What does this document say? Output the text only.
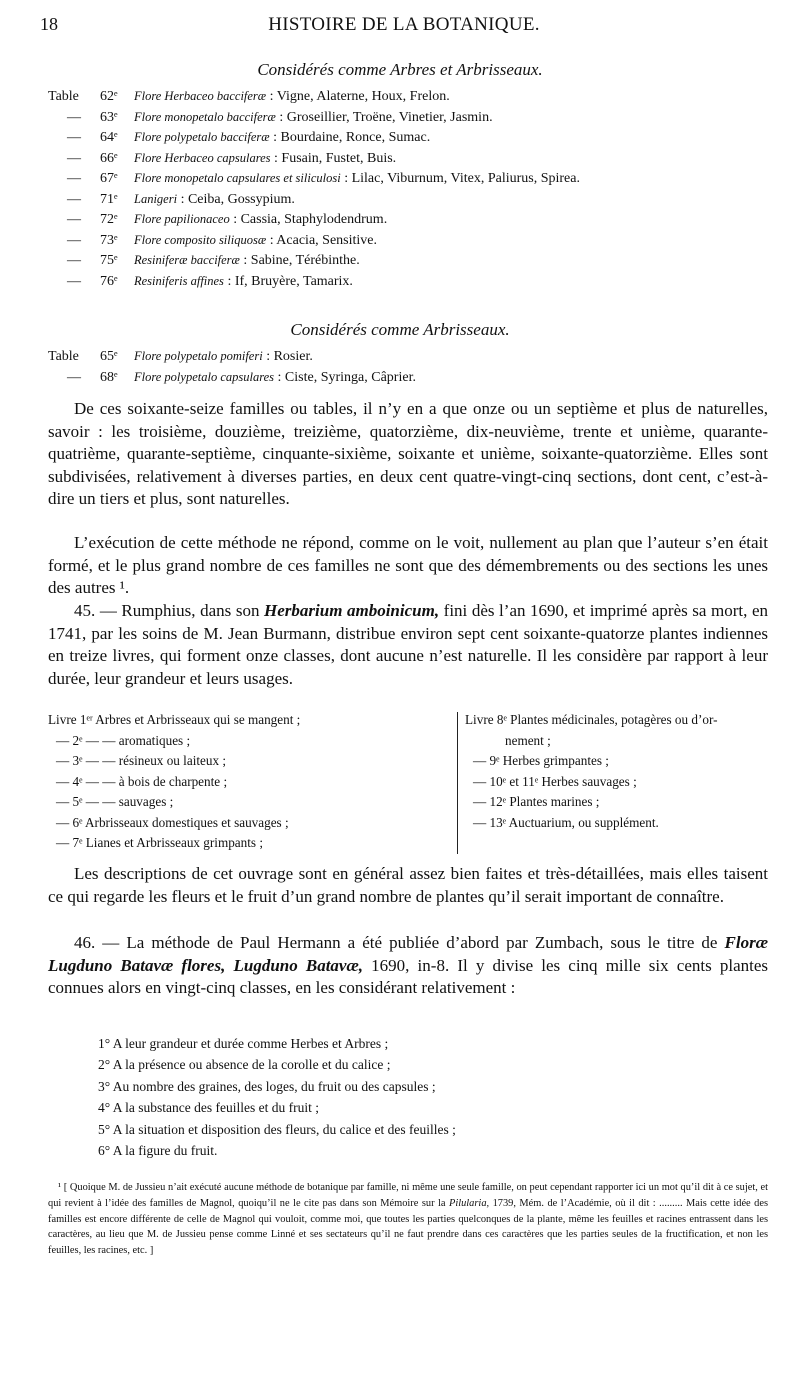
18	HISTOIRE DE LA BOTANIQUE.
Considérés comme Arbres et Arbrisseaux.
Table 62ᵉ Flore Herbaceo bacciferæ : Vigne, Alaterne, Houx, Frelon.
— 63ᵉ Flore monopetalo bacciferæ : Groseillier, Troëne, Vinetier, Jasmin.
— 64ᵉ Flore polypetalo bacciferæ : Bourdaine, Ronce, Sumac.
— 66ᵉ Flore Herbaceo capsulares : Fusain, Fustet, Buis.
— 67ᵉ Flore monopetalo capsulares et siliculosi : Lilac, Viburnum, Vitex, Paliurus, Spirea.
— 71ᵉ Lanigeri : Ceiba, Gossypium.
— 72ᵉ Flore papilionaceo : Cassia, Staphylodendrum.
— 73ᵉ Flore composito siliquosæ : Acacia, Sensitive.
— 75ᵉ Resiniferæ bacciferæ : Sabine, Térébinthe.
— 76ᵉ Resiniferis affines : If, Bruyère, Tamarix.
Considérés comme Arbrisseaux.
Table 65ᵉ Flore polypetalo pomiferi : Rosier.
— 68ᵉ Flore polypetalo capsulares : Ciste, Syringa, Câprier.

De ces soixante-seize familles ou tables, il n’y en a que onze ou un septième et plus de naturelles, savoir : les troisième, douzième, treizième, quatorzième, dix-neuvième, trente et unième, quarante-quatrième, quarante-septième, cinquante-sixième, soixante et unième, soixante-quatorzième. Elles sont subdivisées, relativement à diverses parties, en deux cent quatre-vingt-cinq sections, dont cent, c’est-à-dire un tiers et plus, sont naturelles.

L’exécution de cette méthode ne répond, comme on le voit, nullement au plan que l’auteur s’en était formé, et le plus grand nombre de ces familles ne sont que des démembrements ou des sections les unes des autres ¹.

45. — Rumphius, dans son Herbarium amboinicum, fini dès l’an 1690, et imprimé après sa mort, en 1741, par les soins de M. Jean Burmann, distribue environ sept cent soixante-quatorze plantes indiennes en treize livres, qui forment onze classes, dont aucune n’est naturelle. Il les considère par rapport à leur durée, leur grandeur et leurs usages.

Livre 1ᵉʳ Arbres et Arbrisseaux qui se mangent ;
— 2ᵉ — — aromatiques ;
— 3ᵉ — — résineux ou laiteux ;
— 4ᵉ — — à bois de charpente ;
— 5ᵉ — — sauvages ;
— 6ᵉ Arbrisseaux domestiques et sauvages ;
— 7ᵉ Lianes et Arbrisseaux grimpants ;
Livre 8ᵉ Plantes médicinales, potagères ou d’or-
nement ;
— 9ᵉ Herbes grimpantes ;
— 10ᵉ et 11ᵉ Herbes sauvages ;
— 12ᵉ Plantes marines ;
— 13ᵉ Auctuarium, ou supplément.

Les descriptions de cet ouvrage sont en général assez bien faites et très-détaillées, mais elles taisent ce qui regarde les fleurs et le fruit d’un grand nombre de plantes qu’il serait important de connaître.

46. — La méthode de Paul Hermann a été publiée d’abord par Zumbach, sous le titre de Floræ Lugduno Batavæ flores, Lugduno Batavæ, 1690, in-8. Il y divise les cinq mille six cents plantes connues alors en vingt-cinq classes, en les considérant relativement :

1° A leur grandeur et durée comme Herbes et Arbres ;
2° A la présence ou absence de la corolle et du calice ;
3° Au nombre des graines, des loges, du fruit ou des capsules ;
4° A la substance des feuilles et du fruit ;
5° A la situation et disposition des fleurs, du calice et des feuilles ;
6° A la figure du fruit.

¹ [ Quoique M. de Jussieu n’ait exécuté aucune méthode de botanique par famille, ni même une seule famille, on peut cependant rapporter ici un mot qu’il dit à ce sujet, et qui revient à l’idée des familles de Magnol, quoiqu’il ne le cite pas dans son Mémoire sur la Pilularia, 1739, Mém. de l’Académie, où il dit : ......... Mais cette idée des familles est encore différente de celle de Magnol qui vouloit, comme moi, que toutes les parties quelconques de la plante, même les feuilles et racines entrassent dans les caractères, au lieu que M. de Jussieu pense comme Linné et ses sectateurs qu’il ne faut prendre dans ces caractères que les parties seules de la fructification, et non les feuilles, les racines, etc. ]
